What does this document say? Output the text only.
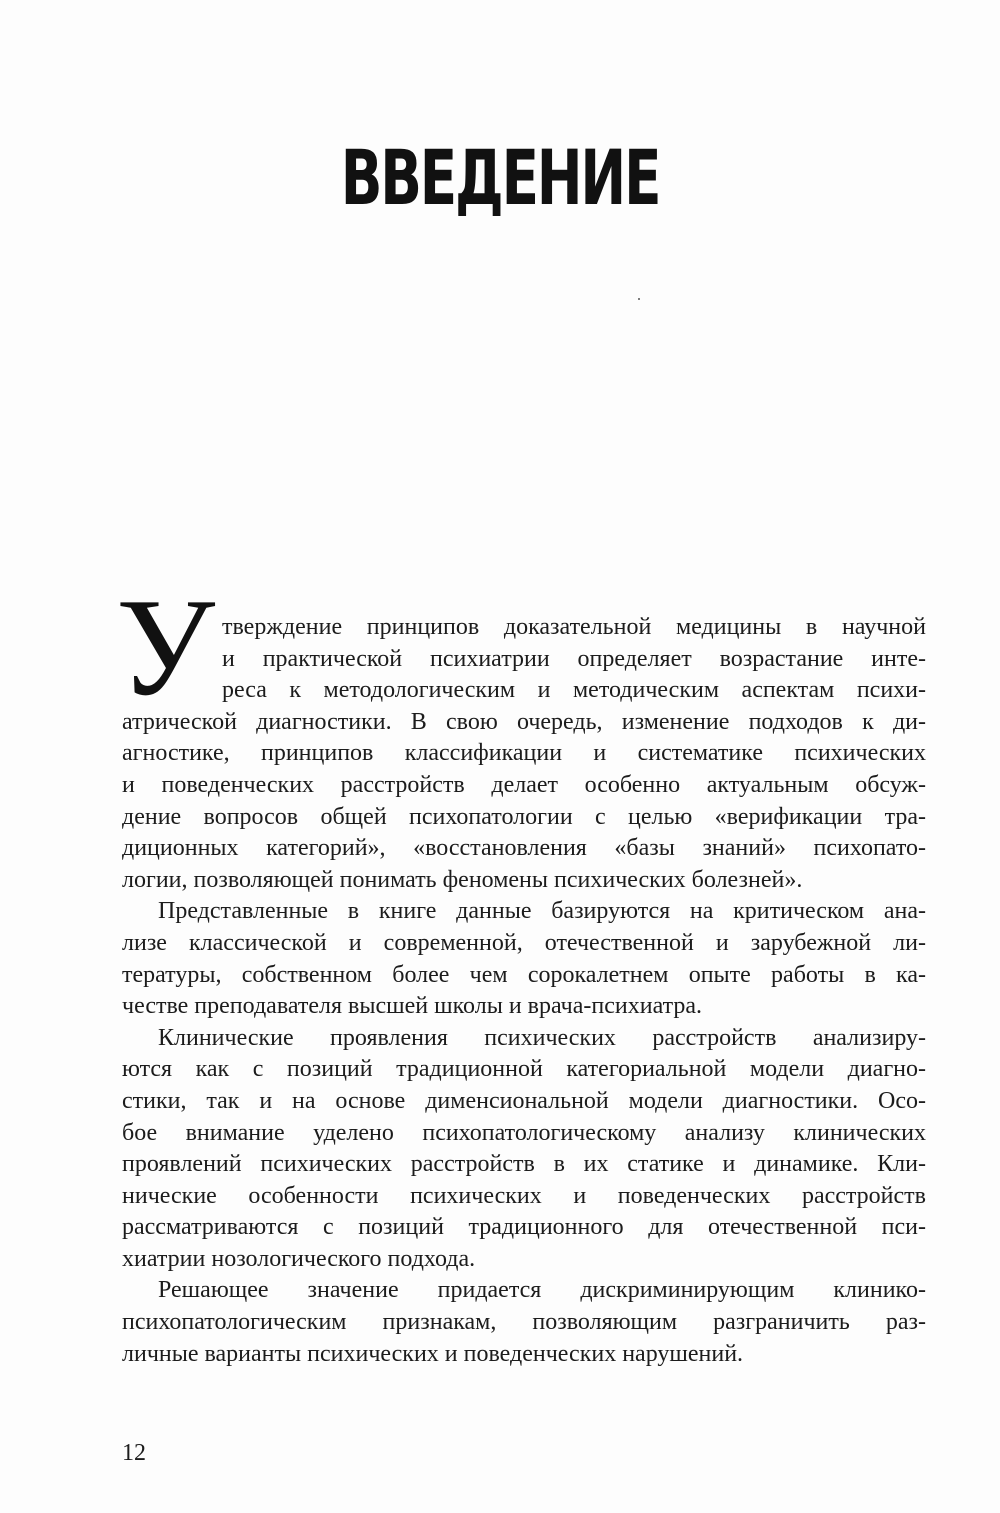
ВВЕДЕНИЕ
У тверждение принципов доказательной медицины в научной
и практической психиатрии определяет возрастание инте-
реса к методологическим и методическим аспектам психи-
атрической диагностики. В свою очередь, изменение подходов к ди-
агностике, принципов классификации и систематике психических
и поведенческих расстройств делает особенно актуальным обсуж-
дение вопросов общей психопатологии с целью «верификации тра-
диционных категорий», «восстановления «базы знаний» психопато-
логии, позволяющей понимать феномены психических болезней».
Представленные в книге данные базируются на критическом ана-
лизе классической и современной, отечественной и зарубежной ли-
тературы, собственном более чем сорокалетнем опыте работы в ка-
честве преподавателя высшей школы и врача-психиатра.
Клинические проявления психических расстройств анализиру-
ются как с позиций традиционной категориальной модели диагно-
стики, так и на основе дименсиональной модели диагностики. Осо-
бое внимание уделено психопатологическому анализу клинических
проявлений психических расстройств в их статике и динамике. Кли-
нические особенности психических и поведенческих расстройств
рассматриваются с позиций традиционного для отечественной пси-
хиатрии нозологического подхода.
Решающее значение придается дискриминирующим клинико-
психопатологическим признакам, позволяющим разграничить раз-
личные варианты психических и поведенческих нарушений.
12
